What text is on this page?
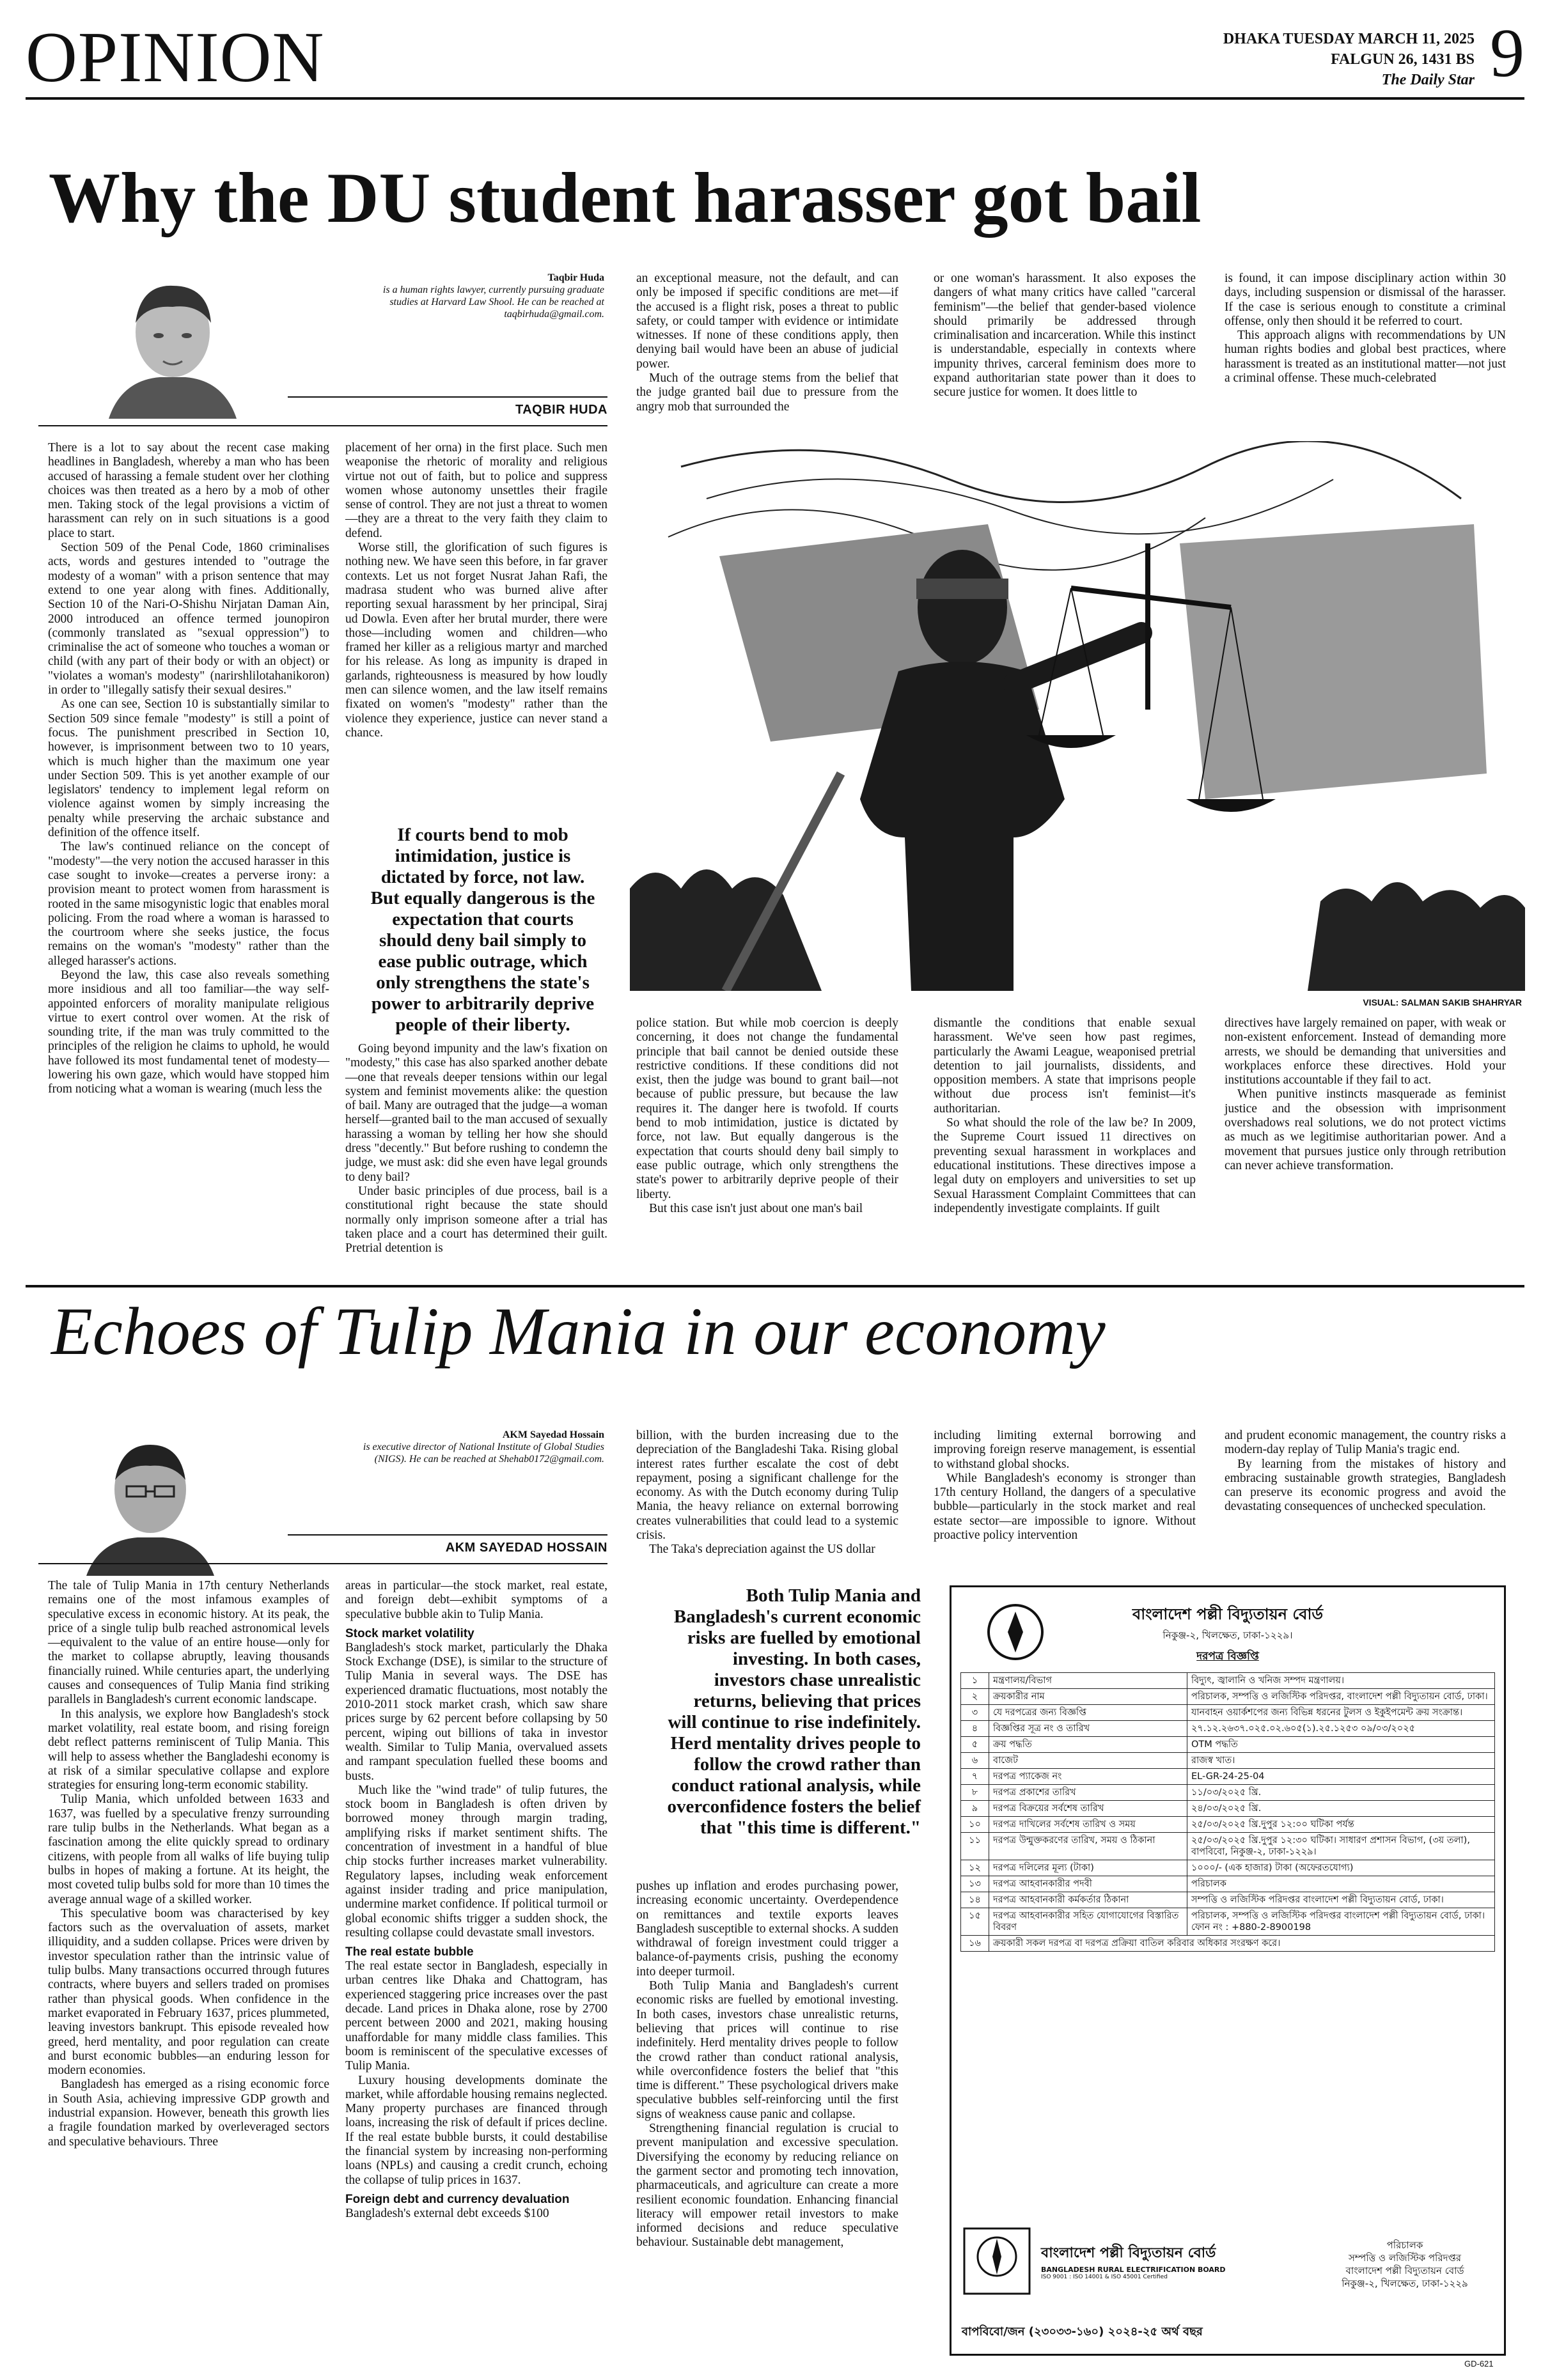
OPINION	DHAKA TUESDAY MARCH 11, 2025
FALGUN 26, 1431 BS
The Daily Star 9
Why the DU student harasser got bail
Taqbir Huda
is a human rights lawyer, currently pursuing graduate studies at Harvard Law Shool. He can be reached at taqbirhuda@gmail.com.
TAQBIR HUDA

There is a lot to say about the recent case making headlines in Bangladesh, whereby a man who has been accused of harassing a female student over her clothing choices was then treated as a hero by a mob of other men. Taking stock of the legal provisions a victim of harassment can rely on in such situations is a good place to start.

Section 509 of the Penal Code, 1860 criminalises acts, words and gestures intended to "outrage the modesty of a woman" with a prison sentence that may extend to one year along with fines. Additionally, Section 10 of the Nari-O-Shishu Nirjatan Daman Ain, 2000 introduced an offence termed jounopiron (commonly translated as "sexual oppression") to criminalise the act of someone who touches a woman or child (with any part of their body or with an object) or "violates a woman's modesty" (narirshlilotahanikoron) in order to "illegally satisfy their sexual desires."

As one can see, Section 10 is substantially similar to Section 509 since female "modesty" is still a point of focus. The punishment prescribed in Section 10, however, is imprisonment between two to 10 years, which is much higher than the maximum one year under Section 509. This is yet another example of our legislators' tendency to implement legal reform on violence against women by simply increasing the penalty while preserving the archaic substance and definition of the offence itself.

The law's continued reliance on the concept of "modesty"—the very notion the accused harasser in this case sought to invoke—creates a perverse irony: a provision meant to protect women from harassment is rooted in the same misogynistic logic that enables moral policing. From the road where a woman is harassed to the courtroom where she seeks justice, the focus remains on the woman's "modesty" rather than the alleged harasser's actions.

Beyond the law, this case also reveals something more insidious and all too familiar—the way self-appointed enforcers of morality manipulate religious virtue to exert control over women. At the risk of sounding trite, if the man was truly committed to the principles of the religion he claims to uphold, he would have followed its most fundamental tenet of modesty—lowering his own gaze, which would have stopped him from noticing what a woman is wearing (much less the

placement of her orna) in the first place. Such men weaponise the rhetoric of morality and religious virtue not out of faith, but to police and suppress women whose autonomy unsettles their fragile sense of control. They are not just a threat to women—they are a threat to the very faith they claim to defend.

Worse still, the glorification of such figures is nothing new. We have seen this before, in far graver contexts. Let us not forget Nusrat Jahan Rafi, the madrasa student who was burned alive after reporting sexual harassment by her principal, Siraj ud Dowla. Even after her brutal murder, there were those—including women and children—who framed her killer as a religious martyr and marched for his release. As long as impunity is draped in garlands, righteousness is measured by how loudly men can silence women, and the law itself remains fixated on women's "modesty" rather than the violence they experience, justice can never stand a chance.

If courts bend to mob intimidation, justice is dictated by force, not law. But equally dangerous is the expectation that courts should deny bail simply to ease public outrage, which only strengthens the state's power to arbitrarily deprive people of their liberty.

Going beyond impunity and the law's fixation on "modesty," this case has also sparked another debate—one that reveals deeper tensions within our legal system and feminist movements alike: the question of bail. Many are outraged that the judge—a woman herself—granted bail to the man accused of sexually harassing a woman by telling her how she should dress "decently." But before rushing to condemn the judge, we must ask: did she even have legal grounds to deny bail?

Under basic principles of due process, bail is a constitutional right because the state should normally only imprison someone after a trial has taken place and a court has determined their guilt. Pretrial detention is

an exceptional measure, not the default, and can only be imposed if specific conditions are met—if the accused is a flight risk, poses a threat to public safety, or could tamper with evidence or intimidate witnesses. If none of these conditions apply, then denying bail would have been an abuse of judicial power.

Much of the outrage stems from the belief that the judge granted bail due to pressure from the angry mob that surrounded the

or one woman's harassment. It also exposes the dangers of what many critics have called "carceral feminism"—the belief that gender-based violence should primarily be addressed through criminalisation and incarceration. While this instinct is understandable, especially in contexts where impunity thrives, carceral feminism does more to expand authoritarian state power than it does to secure justice for women. It does little to

is found, it can impose disciplinary action within 30 days, including suspension or dismissal of the harasser. If the case is serious enough to constitute a criminal offense, only then should it be referred to court.

This approach aligns with recommendations by UN human rights bodies and global best practices, where harassment is treated as an institutional matter—not just a criminal offense. These much-celebrated

VISUAL: SALMAN SAKIB SHAHRYAR

police station. But while mob coercion is deeply concerning, it does not change the fundamental principle that bail cannot be denied outside these restrictive conditions. If these conditions did not exist, then the judge was bound to grant bail—not because of public pressure, but because the law requires it. The danger here is twofold. If courts bend to mob intimidation, justice is dictated by force, not law. But equally dangerous is the expectation that courts should deny bail simply to ease public outrage, which only strengthens the state's power to arbitrarily deprive people of their liberty.

But this case isn't just about one man's bail

dismantle the conditions that enable sexual harassment. We've seen how past regimes, particularly the Awami League, weaponised pretrial detention to jail journalists, dissidents, and opposition members. A state that imprisons people without due process isn't feminist—it's authoritarian.

So what should the role of the law be? In 2009, the Supreme Court issued 11 directives on preventing sexual harassment in workplaces and educational institutions. These directives impose a legal duty on employers and universities to set up Sexual Harassment Complaint Committees that can independently investigate complaints. If guilt

directives have largely remained on paper, with weak or non-existent enforcement. Instead of demanding more arrests, we should be demanding that universities and workplaces enforce these directives. Hold your institutions accountable if they fail to act.

When punitive instincts masquerade as feminist justice and the obsession with imprisonment overshadows real solutions, we do not protect victims as much as we legitimise authoritarian power. And a movement that pursues justice only through retribution can never achieve transformation.

Echoes of Tulip Mania in our economy
AKM Sayedad Hossain
is executive director of National Institute of Global Studies (NIGS). He can be reached at Shehab0172@gmail.com.
AKM SAYEDAD HOSSAIN

The tale of Tulip Mania in 17th century Netherlands remains one of the most infamous examples of speculative excess in economic history. At its peak, the price of a single tulip bulb reached astronomical levels—equivalent to the value of an entire house—only for the market to collapse abruptly, leaving thousands financially ruined. While centuries apart, the underlying causes and consequences of Tulip Mania find striking parallels in Bangladesh's current economic landscape.

In this analysis, we explore how Bangladesh's stock market volatility, real estate boom, and rising foreign debt reflect patterns reminiscent of Tulip Mania. This will help to assess whether the Bangladeshi economy is at risk of a similar speculative collapse and explore strategies for ensuring long-term economic stability.

Tulip Mania, which unfolded between 1633 and 1637, was fuelled by a speculative frenzy surrounding rare tulip bulbs in the Netherlands. What began as a fascination among the elite quickly spread to ordinary citizens, with people from all walks of life buying tulip bulbs in hopes of making a fortune. At its height, the most coveted tulip bulbs sold for more than 10 times the average annual wage of a skilled worker.

This speculative boom was characterised by key factors such as the overvaluation of assets, market illiquidity, and a sudden collapse. Prices were driven by investor speculation rather than the intrinsic value of tulip bulbs. Many transactions occurred through futures contracts, where buyers and sellers traded on promises rather than physical goods. When confidence in the market evaporated in February 1637, prices plummeted, leaving investors bankrupt. This episode revealed how greed, herd mentality, and poor regulation can create and burst economic bubbles—an enduring lesson for modern economies.

Bangladesh has emerged as a rising economic force in South Asia, achieving impressive GDP growth and industrial expansion. However, beneath this growth lies a fragile foundation marked by overleveraged sectors and speculative behaviours. Three

areas in particular—the stock market, real estate, and foreign debt—exhibit symptoms of a speculative bubble akin to Tulip Mania.

Stock market volatility

Bangladesh's stock market, particularly the Dhaka Stock Exchange (DSE), is similar to the structure of Tulip Mania in several ways. The DSE has experienced dramatic fluctuations, most notably the 2010-2011 stock market crash, which saw share prices surge by 62 percent before collapsing by 50 percent, wiping out billions of taka in investor wealth. Similar to Tulip Mania, overvalued assets and rampant speculation fuelled these booms and busts.

Much like the "wind trade" of tulip futures, the stock boom in Bangladesh is often driven by borrowed money through margin trading, amplifying risks if market sentiment shifts. The concentration of investment in a handful of blue chip stocks further increases market vulnerability. Regulatory lapses, including weak enforcement against insider trading and price manipulation, undermine market confidence. If political turmoil or global economic shifts trigger a sudden shock, the resulting collapse could devastate small investors.

The real estate bubble

The real estate sector in Bangladesh, especially in urban centres like Dhaka and Chattogram, has experienced staggering price increases over the past decade. Land prices in Dhaka alone, rose by 2700 percent between 2000 and 2021, making housing unaffordable for many middle class families. This boom is reminiscent of the speculative excesses of Tulip Mania.

Luxury housing developments dominate the market, while affordable housing remains neglected. Many property purchases are financed through loans, increasing the risk of default if prices decline. If the real estate bubble bursts, it could destabilise the financial system by increasing non-performing loans (NPLs) and causing a credit crunch, echoing the collapse of tulip prices in 1637.

Foreign debt and currency devaluation

Bangladesh's external debt exceeds $100

billion, with the burden increasing due to the depreciation of the Bangladeshi Taka. Rising global interest rates further escalate the cost of debt repayment, posing a significant challenge for the economy. As with the Dutch economy during Tulip Mania, the heavy reliance on external borrowing creates vulnerabilities that could lead to a systemic crisis.

The Taka's depreciation against the US dollar

including limiting external borrowing and improving foreign reserve management, is essential to withstand global shocks.

While Bangladesh's economy is stronger than 17th century Holland, the dangers of a speculative bubble—particularly in the stock market and real estate sector—are impossible to ignore. Without proactive policy intervention

and prudent economic management, the country risks a modern-day replay of Tulip Mania's tragic end.

By learning from the mistakes of history and embracing sustainable growth strategies, Bangladesh can preserve its economic progress and avoid the devastating consequences of unchecked speculation.

Both Tulip Mania and Bangladesh's current economic risks are fuelled by emotional investing. In both cases, investors chase unrealistic returns, believing that prices will continue to rise indefinitely. Herd mentality drives people to follow the crowd rather than conduct rational analysis, while overconfidence fosters the belief that "this time is different."

pushes up inflation and erodes purchasing power, increasing economic uncertainty. Overdependence on remittances and textile exports leaves Bangladesh susceptible to external shocks. A sudden withdrawal of foreign investment could trigger a balance-of-payments crisis, pushing the economy into deeper turmoil.

Both Tulip Mania and Bangladesh's current economic risks are fuelled by emotional investing. In both cases, investors chase unrealistic returns, believing that prices will continue to rise indefinitely. Herd mentality drives people to follow the crowd rather than conduct rational analysis, while overconfidence fosters the belief that "this time is different." These psychological drivers make speculative bubbles self-reinforcing until the first signs of weakness cause panic and collapse.

Strengthening financial regulation is crucial to prevent manipulation and excessive speculation. Diversifying the economy by reducing reliance on the garment sector and promoting tech innovation, pharmaceuticals, and agriculture can create a more resilient economic foundation. Enhancing financial literacy will empower retail investors to make informed decisions and reduce speculative behaviour. Sustainable debt management,

বাংলাদেশ পল্লী বিদ্যুতায়ন বোর্ড
নিকুঞ্জ-২, খিলক্ষেত, ঢাকা-১২২৯।
দরপত্র বিজ্ঞপ্তি
১	মন্ত্রণালয়/বিভাগ	বিদ্যুৎ, জ্বালানি ও খনিজ সম্পদ মন্ত্রণালয়।
২	ক্রয়কারীর নাম	পরিচালক, সম্পত্তি ও লজিস্টিক পরিদপ্তর, বাংলাদেশ পল্লী বিদ্যুতায়ন বোর্ড, ঢাকা।
৩	যে দরপত্রের জন্য বিজ্ঞপ্তি	যানবাহন ওয়ার্কশপের জন্য বিভিন্ন ধরনের টুলস ও ইকুইপমেন্ট ক্রয় সংক্রান্ত।
৪	বিজ্ঞপ্তির সূত্র নং ও তারিখ	২৭.১২.২৬৩৭.০২৫.০২.৬০৫(১).২৫.১২৫৩ ০৯/০৩/২০২৫
৫	ক্রয় পদ্ধতি	OTM পদ্ধতি
৬	বাজেট	রাজস্ব খাত।
৭	দরপত্র প্যাকেজ নং	EL-GR-24-25-04
৮	দরপত্র প্রকাশের তারিখ	১১/০৩/২০২৫ খ্রি.
৯	দরপত্র বিক্রয়ের সর্বশেষ তারিখ	২৪/০৩/২০২৫ খ্রি.
১০	দরপত্র দাখিলের সর্বশেষ তারিখ ও সময়	২৫/০৩/২০২৫ খ্রি.দুপুর ১২:০০ ঘটিকা পর্যন্ত
১১	দরপত্র উন্মুক্তকরণের তারিখ, সময় ও ঠিকানা	২৫/০৩/২০২৫ খ্রি.দুপুর ১২:৩০ ঘটিকা। সাধারণ প্রশাসন বিভাগ, (৩য় তলা), বাপবিবো, নিকুঞ্জ-২, ঢাকা-১২২৯।
১২	দরপত্র দলিলের মূল্য (টাকা)	১০০০/- (এক হাজার) টাকা (অফেরতযোগ্য)
১৩	দরপত্র আহবানকারীর পদবী	পরিচালক
১৪	দরপত্র আহবানকারী কর্মকর্তার ঠিকানা	সম্পত্তি ও লজিস্টিক পরিদপ্তর বাংলাদেশ পল্লী বিদ্যুতায়ন বোর্ড, ঢাকা।
১৫	দরপত্র আহবানকারীর সহিত যোগাযোগের বিস্তারিত বিবরণ	পরিচালক, সম্পত্তি ও লজিস্টিক পরিদপ্তর বাংলাদেশ পল্লী বিদ্যুতায়ন বোর্ড, ঢাকা। ফোন নং : +880-2-8900198
১৬	ক্রয়কারী সকল দরপত্র বা দরপত্র প্রক্রিয়া বাতিল করিবার অধিকার সংরক্ষণ করে।	
বাংলাদেশ পল্লী বিদ্যুতায়ন বোর্ড
BANGLADESH RURAL ELECTRIFICATION BOARD
ISO 9001 : ISO 14001 & ISO 45001 Certified
পরিচালক
সম্পত্তি ও লজিস্টিক পরিদপ্তর
বাংলাদেশ পল্লী বিদ্যুতায়ন বোর্ড
নিকুঞ্জ-২, খিলক্ষেত, ঢাকা-১২২৯
বাপবিবো/জন (২৩০৩৩-১৬০) ২০২৪-২৫ অর্থ বছর
GD-621
